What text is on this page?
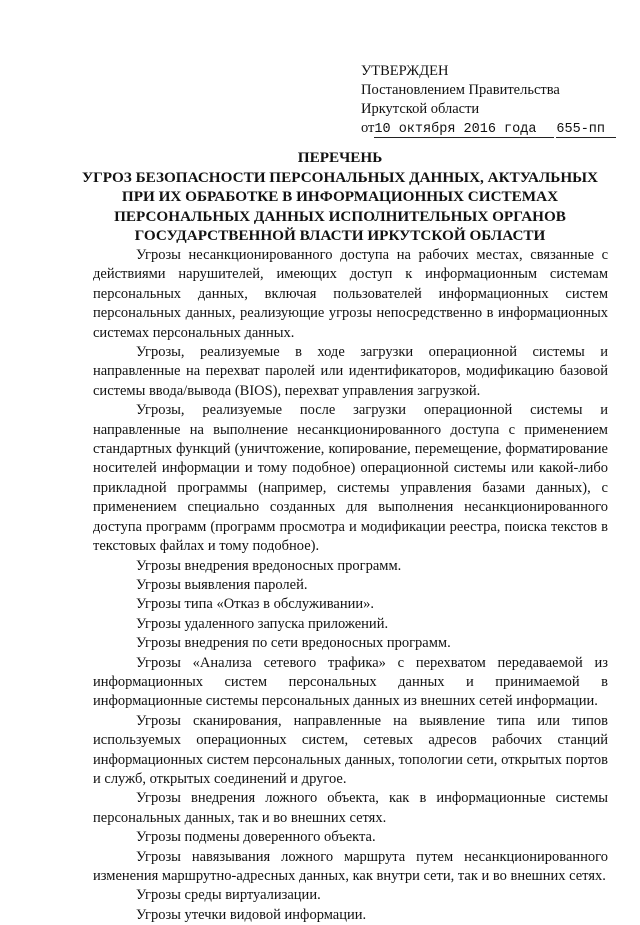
УТВЕРЖДЕН
Постановлением Правительства
Иркутской области
от10 октября 2016 года 655-пп
ПЕРЕЧЕНЬ
УГРОЗ БЕЗОПАСНОСТИ ПЕРСОНАЛЬНЫХ ДАННЫХ, АКТУАЛЬНЫХ
ПРИ ИХ ОБРАБОТКЕ В ИНФОРМАЦИОННЫХ СИСТЕМАХ
ПЕРСОНАЛЬНЫХ ДАННЫХ ИСПОЛНИТЕЛЬНЫХ ОРГАНОВ
ГОСУДАРСТВЕННОЙ ВЛАСТИ ИРКУТСКОЙ ОБЛАСТИ

Угрозы несанкционированного доступа на рабочих местах, связанные с действиями нарушителей, имеющих доступ к информационным системам персональных данных, включая пользователей информационных систем персональных данных, реализующие угрозы непосредственно в информационных системах персональных данных.

Угрозы, реализуемые в ходе загрузки операционной системы и направленные на перехват паролей или идентификаторов, модификацию базовой системы ввода/вывода (BIOS), перехват управления загрузкой.

Угрозы, реализуемые после загрузки операционной системы и направленные на выполнение несанкционированного доступа с применением стандартных функций (уничтожение, копирование, перемещение, форматирование носителей информации и тому подобное) операционной системы или какой-либо прикладной программы (например, системы управления базами данных), с применением специально созданных для выполнения несанкционированного доступа программ (программ просмотра и модификации реестра, поиска текстов в текстовых файлах и тому подобное).

Угрозы внедрения вредоносных программ.

Угрозы выявления паролей.

Угрозы типа «Отказ в обслуживании».

Угрозы удаленного запуска приложений.

Угрозы внедрения по сети вредоносных программ.

Угрозы «Анализа сетевого трафика» с перехватом передаваемой из информационных систем персональных данных и принимаемой в информационные системы персональных данных из внешних сетей информации.

Угрозы сканирования, направленные на выявление типа или типов используемых операционных систем, сетевых адресов рабочих станций информационных систем персональных данных, топологии сети, открытых портов и служб, открытых соединений и другое.

Угрозы внедрения ложного объекта, как в информационные системы персональных данных, так и во внешних сетях.

Угрозы подмены доверенного объекта.

Угрозы навязывания ложного маршрута путем несанкционированного изменения маршрутно-адресных данных, как внутри сети, так и во внешних сетях.

Угрозы среды виртуализации.

Угрозы утечки видовой информации.
